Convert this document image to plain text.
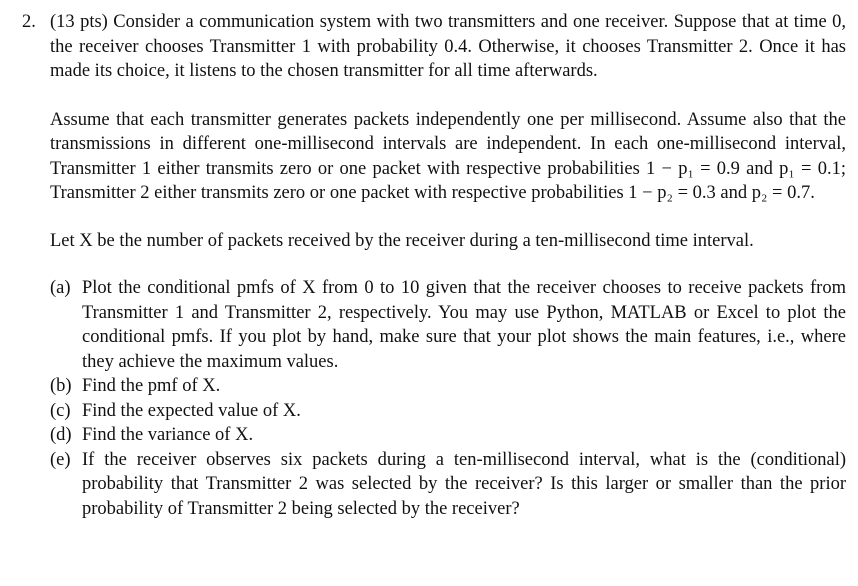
2. (13 pts) Consider a communication system with two transmitters and one receiver. Suppose that at time 0, the receiver chooses Transmitter 1 with probability 0.4. Otherwise, it chooses Transmitter 2. Once it has made its choice, it listens to the chosen transmitter for all time afterwards.

Assume that each transmitter generates packets independently one per millisecond. Assume also that the transmissions in different one-millisecond intervals are independent. In each one-millisecond interval, Transmitter 1 either transmits zero or one packet with respective probabilities 1 − p₁ = 0.9 and p₁ = 0.1; Transmitter 2 either transmits zero or one packet with respective probabilities 1 − p₂ = 0.3 and p₂ = 0.7.

Let X be the number of packets received by the receiver during a ten-millisecond time interval.

(a) Plot the conditional pmfs of X from 0 to 10 given that the receiver chooses to receive packets from Transmitter 1 and Transmitter 2, respectively. You may use Python, MATLAB or Excel to plot the conditional pmfs. If you plot by hand, make sure that your plot shows the main features, i.e., where they achieve the maximum values.
(b) Find the pmf of X.
(c) Find the expected value of X.
(d) Find the variance of X.
(e) If the receiver observes six packets during a ten-millisecond interval, what is the (conditional) probability that Transmitter 2 was selected by the receiver? Is this larger or smaller than the prior probability of Transmitter 2 being selected by the receiver?
